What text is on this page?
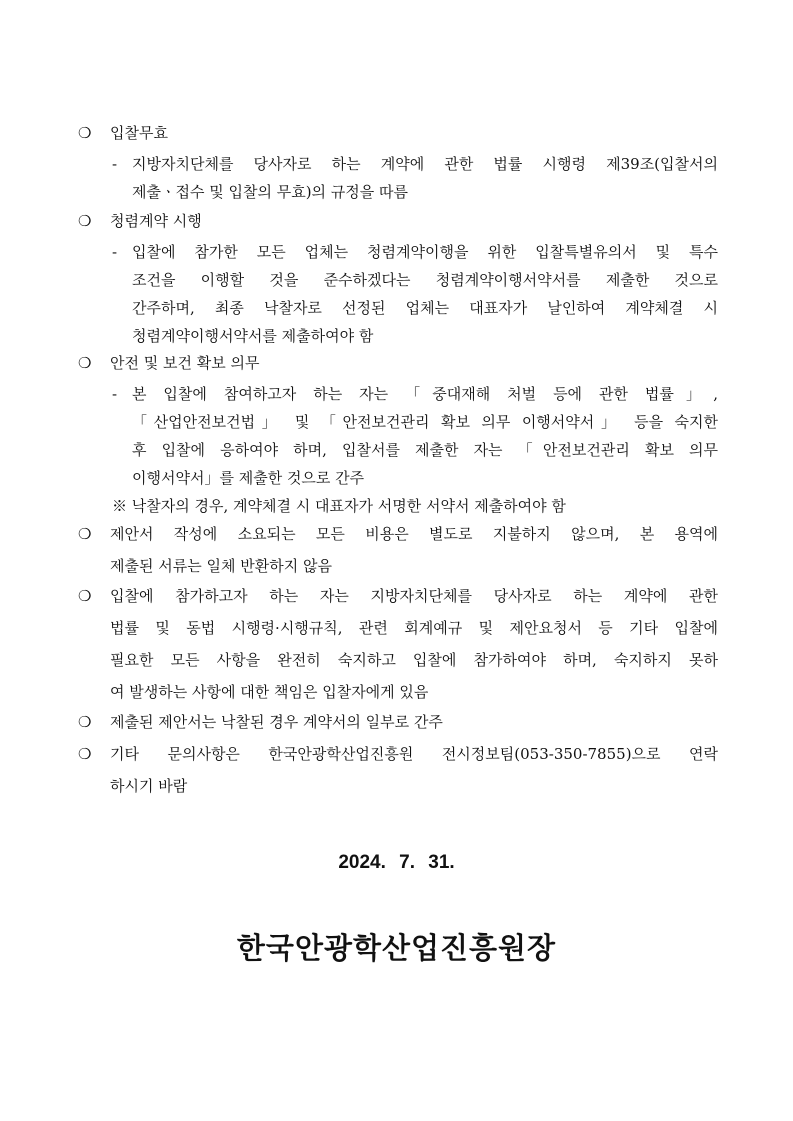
❍ 입찰무효
- 지방자치단체를 당사자로 하는 계약에 관한 법률 시행령 제39조(입찰서의

제출ㆍ접수 및 입찰의 무효)의 규정을 따름

❍ 청렴계약 시행
- 입찰에 참가한 모든 업체는 청렴계약이행을 위한 입찰특별유의서 및 특수

조건을 이행할 것을 준수하겠다는 청렴계약이행서약서를 제출한 것으로

간주하며, 최종 낙찰자로 선정된 업체는 대표자가 날인하여 계약체결 시

청렴계약이행서약서를 제출하여야 함

❍ 안전 및 보건 확보 의무
- 본 입찰에 참여하고자 하는 자는 「중대재해 처벌 등에 관한 법률」,

「산업안전보건법」 및 「안전보건관리 확보 의무 이행서약서」 등을 숙지한

후 입찰에 응하여야 하며, 입찰서를 제출한 자는 「안전보건관리 확보 의무

이행서약서」를 제출한 것으로 간주

※ 낙찰자의 경우, 계약체결 시 대표자가 서명한 서약서 제출하여야 함
❍	제안서 작성에 소요되는 모든 비용은 별도로 지불하지 않으며, 본 용역에

제출된 서류는 일체 반환하지 않음

❍	입찰에 참가하고자 하는 자는 지방자치단체를 당사자로 하는 계약에 관한

법률 및 동법 시행령·시행규칙, 관련 회계예규 및 제안요청서 등 기타 입찰에

필요한 모든 사항을 완전히 숙지하고 입찰에 참가하여야 하며, 숙지하지 못하

여 발생하는 사항에 대한 책임은 입찰자에게 있음

❍	제출된 제안서는 낙찰된 경우 계약서의 일부로 간주

❍	기타 문의사항은 한국안광학산업진흥원 전시정보팀(053-350-7855)으로 연락

하시기 바람

2024. 7. 31.
한국안광학산업진흥원장
